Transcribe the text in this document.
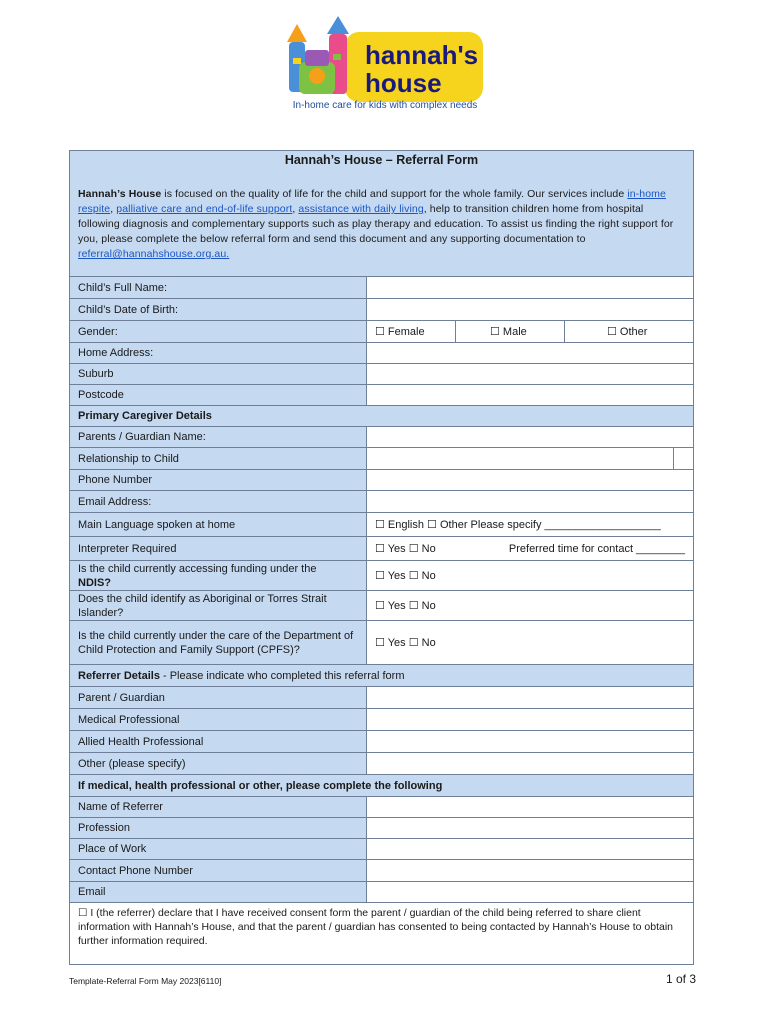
hannah's
house
In-home care for kids with complex needs
Hannah’s House – Referral Form
Hannah’s House is focused on the quality of life for the child and support for the whole family. Our services include in-home respite, palliative care and end-of-life support, assistance with daily living, help to transition children home from hospital following diagnosis and complementary supports such as play therapy and education. To assist us finding the right support for you, please complete the below referral form and send this document and any supporting documentation to referral@hannahshouse.org.au.			

Child’s Full Name:			
Child’s Date of Birth:			
Gender:	☐ Female	☐ Male	☐ Other
Home Address:			
Suburb			
Postcode			
Primary Caregiver Details			
Parents / Guardian Name:			
Relationship to Child			

Phone Number			
Email Address:			
Main Language spoken at home	☐ English ☐ Other Please specify ___________________		
Interpreter Required	☐ Yes ☐ No Preferred time for contact ________		

Is the child currently accessing funding under the
NDIS?	☐ Yes ☐ No		
Does the child identify as Aboriginal or Torres Strait Islander?	☐ Yes ☐ No		
Is the child currently under the care of the Department of Child Protection and Family Support (CPFS)?	☐ Yes ☐ No		
Referrer Details - Please indicate who completed this referral form			
Parent / Guardian			
Medical Professional			
Allied Health Professional			
Other (please specify)			
If medical, health professional or other, please complete the following			
Name of Referrer			
Profession			
Place of Work			
Contact Phone Number			
Email			
☐ I (the referrer) declare that I have received consent form the parent / guardian of the child being referred to share client information with Hannah’s House, and that the parent / guardian has consented to being contacted by Hannah’s House to obtain further information required.			
Template-Referral Form May 2023[6110]	1 of 3
